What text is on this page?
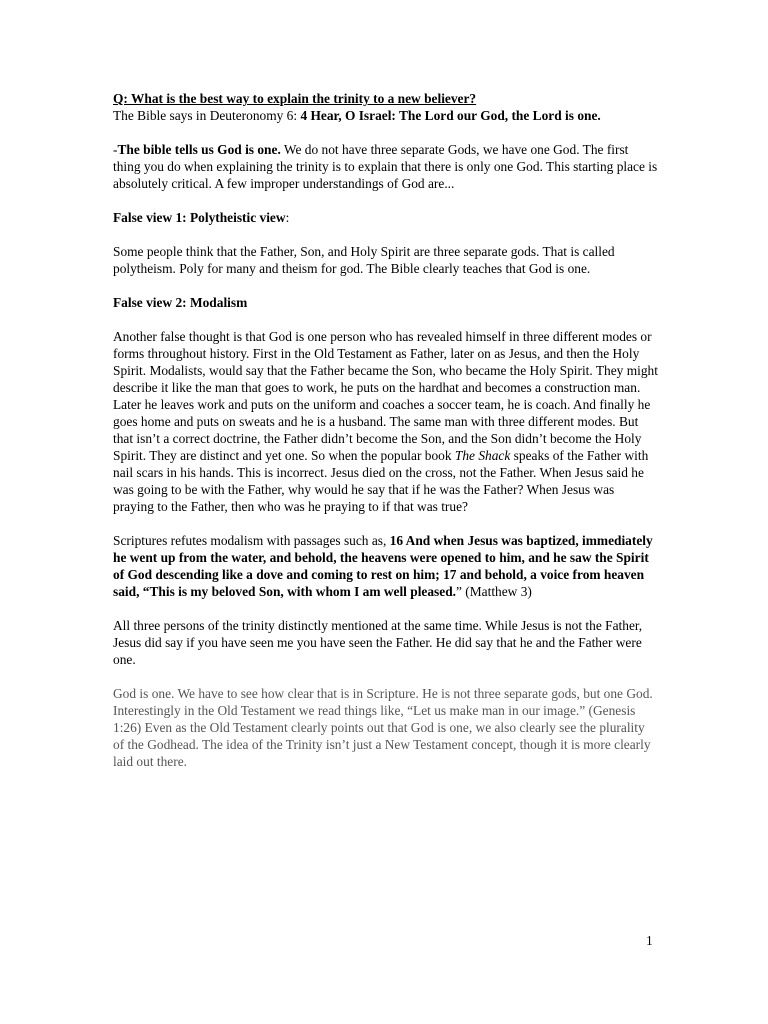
Q: What is the best way to explain the trinity to a new believer?

The Bible says in Deuteronomy 6: 4 Hear, O Israel: The Lord our God, the Lord is one.

-The bible tells us God is one. We do not have three separate Gods, we have one God. The first thing you do when explaining the trinity is to explain that there is only one God. This starting place is absolutely critical. A few improper understandings of God are...

False view 1: Polytheistic view:

Some people think that the Father, Son, and Holy Spirit are three separate gods. That is called polytheism. Poly for many and theism for god. The Bible clearly teaches that God is one.

False view 2: Modalism

Another false thought is that God is one person who has revealed himself in three different modes or forms throughout history. First in the Old Testament as Father, later on as Jesus, and then the Holy Spirit. Modalists, would say that the Father became the Son, who became the Holy Spirit. They might describe it like the man that goes to work, he puts on the hardhat and becomes a construction man. Later he leaves work and puts on the uniform and coaches a soccer team, he is coach. And finally he goes home and puts on sweats and he is a husband. The same man with three different modes. But that isn’t a correct doctrine, the Father didn’t become the Son, and the Son didn’t become the Holy Spirit. They are distinct and yet one. So when the popular book The Shack speaks of the Father with nail scars in his hands. This is incorrect. Jesus died on the cross, not the Father. When Jesus said he was going to be with the Father, why would he say that if he was the Father? When Jesus was praying to the Father, then who was he praying to if that was true?

Scriptures refutes modalism with passages such as, 16 And when Jesus was baptized, immediately he went up from the water, and behold, the heavens were opened to him, and he saw the Spirit of God descending like a dove and coming to rest on him; 17 and behold, a voice from heaven said, “This is my beloved Son, with whom I am well pleased.” (Matthew 3)

All three persons of the trinity distinctly mentioned at the same time. While Jesus is not the Father, Jesus did say if you have seen me you have seen the Father. He did say that he and the Father were one.

God is one. We have to see how clear that is in Scripture. He is not three separate gods, but one God. Interestingly in the Old Testament we read things like, “Let us make man in our image.” (Genesis 1:26) Even as the Old Testament clearly points out that God is one, we also clearly see the plurality of the Godhead. The idea of the Trinity isn’t just a New Testament concept, though it is more clearly laid out there.

1
